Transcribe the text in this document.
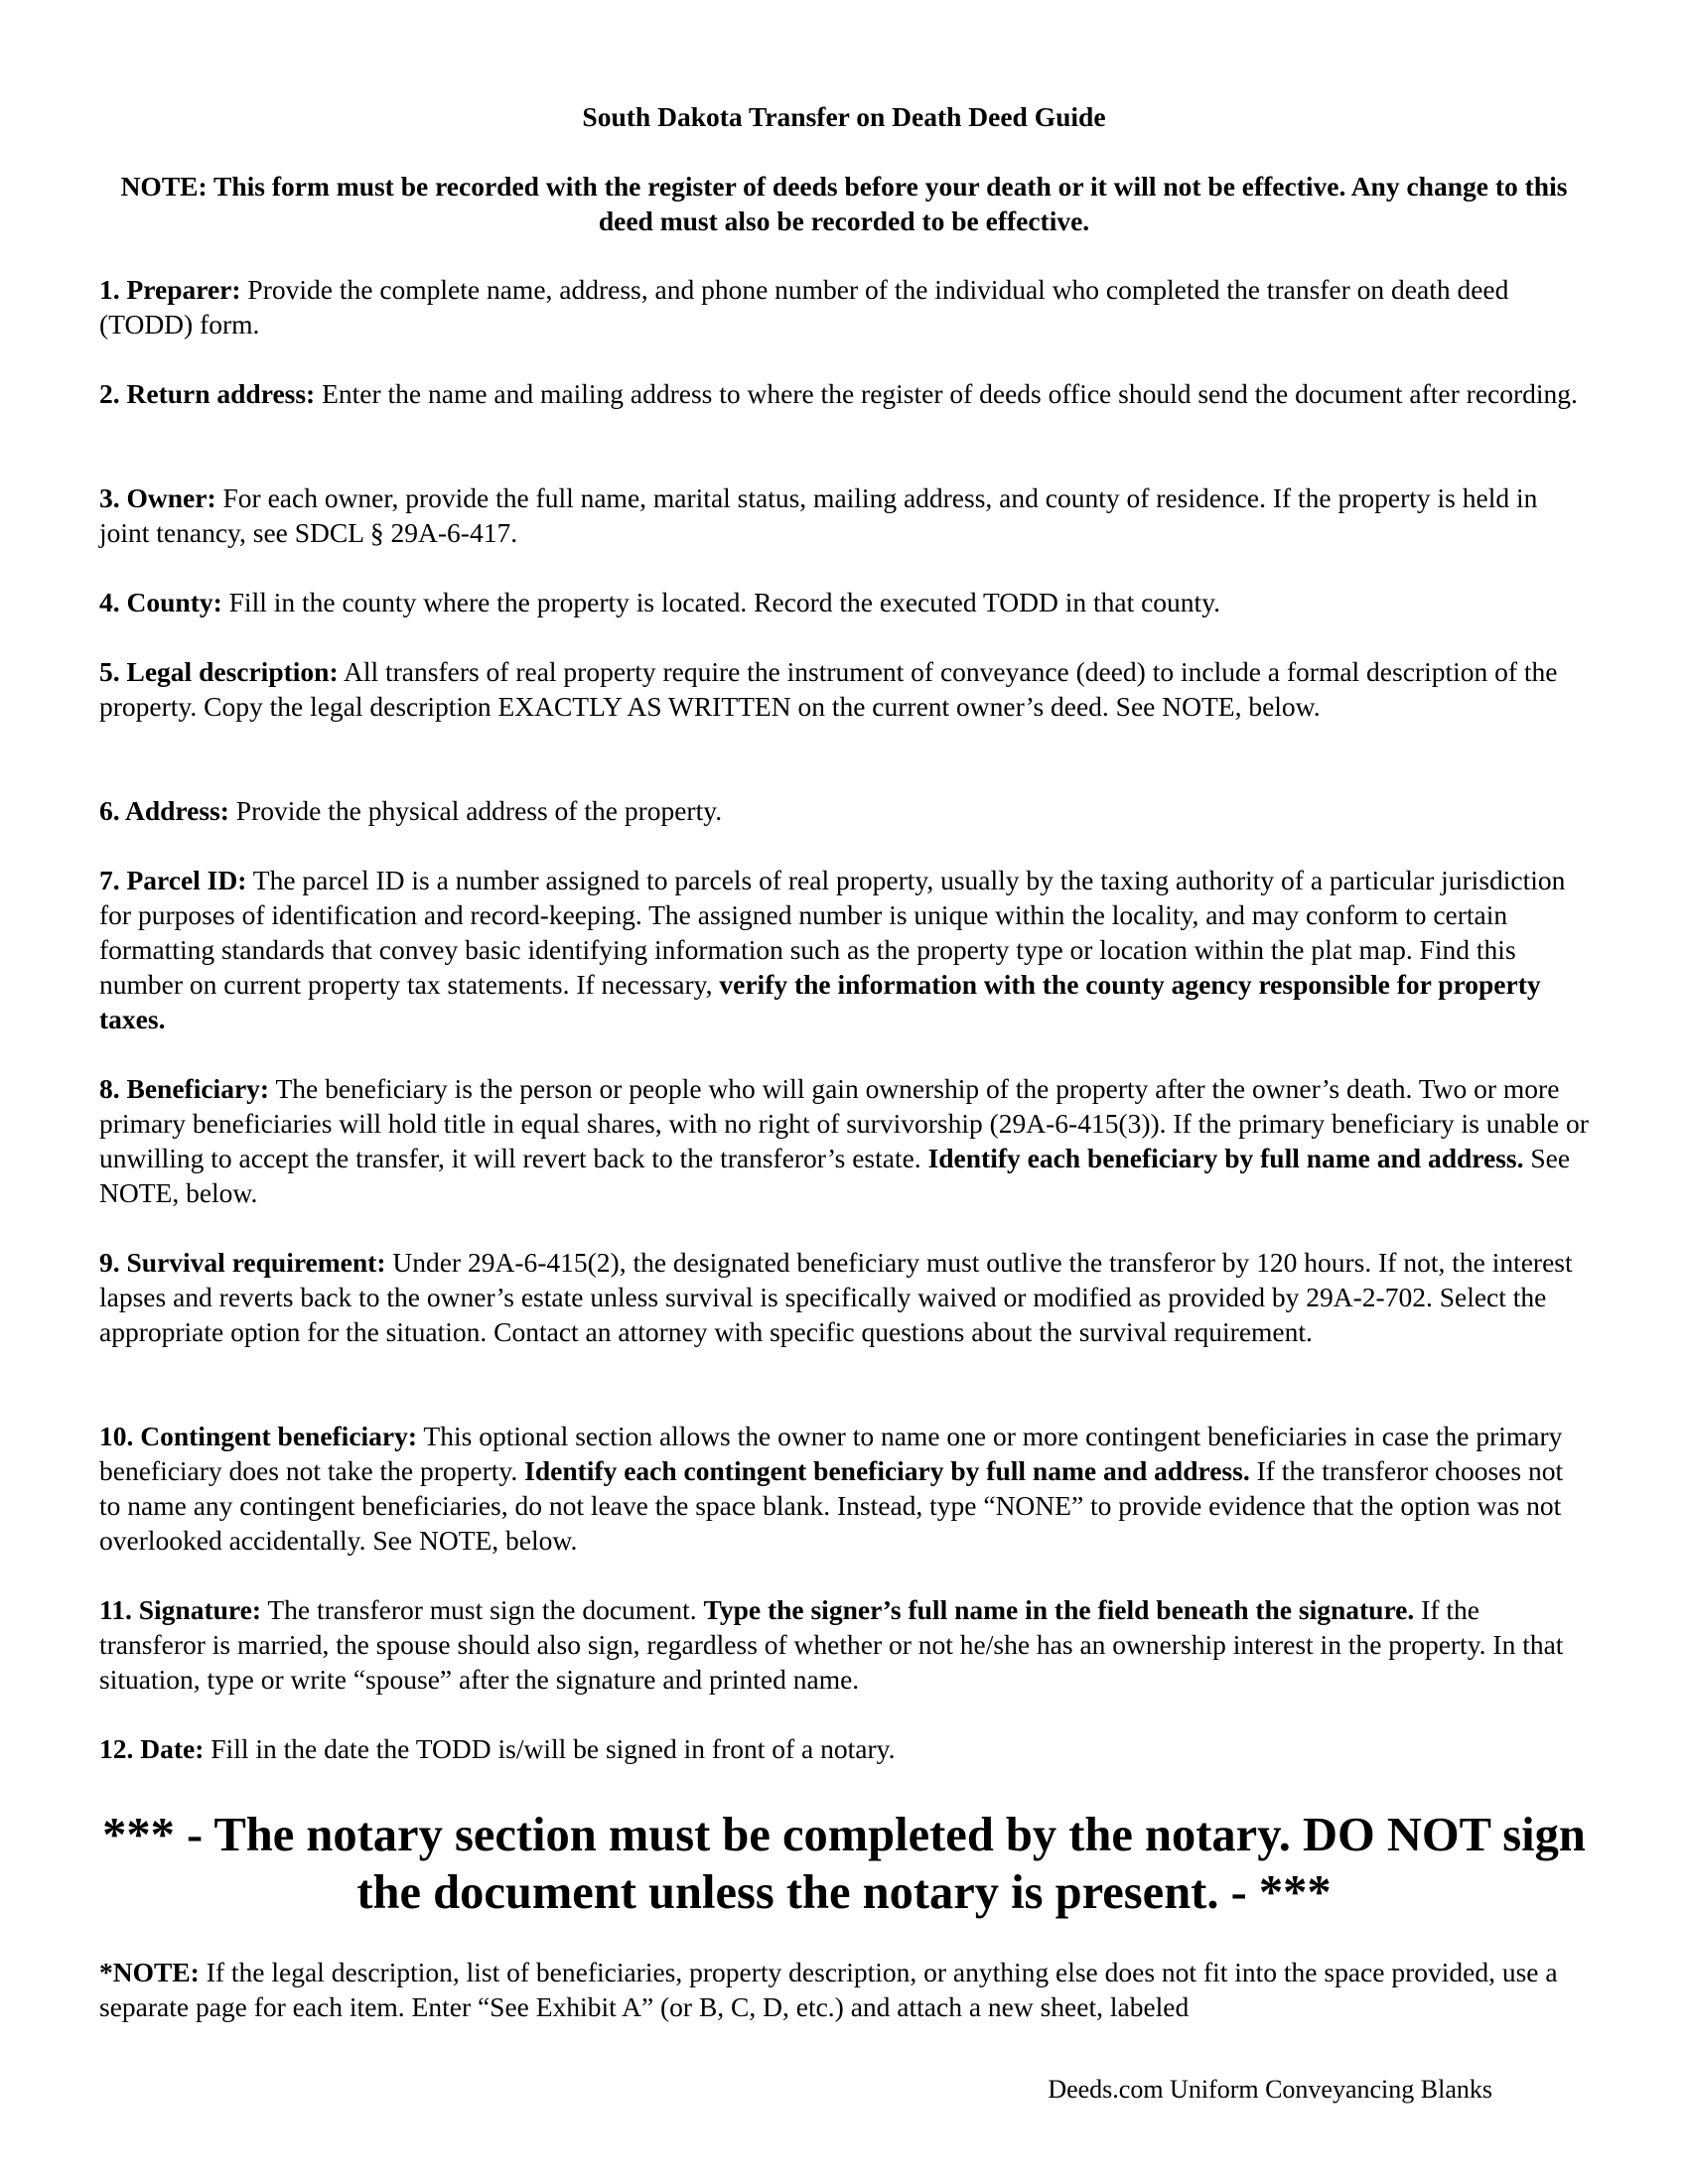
South Dakota Transfer on Death Deed Guide
NOTE: This form must be recorded with the register of deeds before your death or it will not be effective. Any change to this deed must also be recorded to be effective.
1. Preparer: Provide the complete name, address, and phone number of the individual who completed the transfer on death deed (TODD) form.
2. Return address: Enter the name and mailing address to where the register of deeds office should send the document after recording.
3. Owner: For each owner, provide the full name, marital status, mailing address, and county of residence. If the property is held in joint tenancy, see SDCL § 29A-6-417.
4. County: Fill in the county where the property is located. Record the executed TODD in that county.
5. Legal description: All transfers of real property require the instrument of conveyance (deed) to include a formal description of the property. Copy the legal description EXACTLY AS WRITTEN on the current owner’s deed. See NOTE, below.
6. Address: Provide the physical address of the property.
7. Parcel ID: The parcel ID is a number assigned to parcels of real property, usually by the taxing authority of a particular jurisdiction for purposes of identification and record-keeping. The assigned number is unique within the locality, and may conform to certain formatting standards that convey basic identifying information such as the property type or location within the plat map. Find this number on current property tax statements. If necessary, verify the information with the county agency responsible for property taxes.
8. Beneficiary: The beneficiary is the person or people who will gain ownership of the property after the owner’s death. Two or more primary beneficiaries will hold title in equal shares, with no right of survivorship (29A-6-415(3)). If the primary beneficiary is unable or unwilling to accept the transfer, it will revert back to the transferor’s estate. Identify each beneficiary by full name and address. See NOTE, below.
9. Survival requirement: Under 29A-6-415(2), the designated beneficiary must outlive the transferor by 120 hours. If not, the interest lapses and reverts back to the owner’s estate unless survival is specifically waived or modified as provided by 29A-2-702. Select the appropriate option for the situation. Contact an attorney with specific questions about the survival requirement.
10. Contingent beneficiary: This optional section allows the owner to name one or more contingent beneficiaries in case the primary beneficiary does not take the property. Identify each contingent beneficiary by full name and address. If the transferor chooses not to name any contingent beneficiaries, do not leave the space blank. Instead, type “NONE” to provide evidence that the option was not overlooked accidentally. See NOTE, below.
11. Signature: The transferor must sign the document. Type the signer’s full name in the field beneath the signature. If the transferor is married, the spouse should also sign, regardless of whether or not he/she has an ownership interest in the property. In that situation, type or write “spouse” after the signature and printed name.
12. Date: Fill in the date the TODD is/will be signed in front of a notary.
*** - The notary section must be completed by the notary. DO NOT sign the document unless the notary is present. - ***
*NOTE: If the legal description, list of beneficiaries, property description, or anything else does not fit into the space provided, use a separate page for each item. Enter “See Exhibit A” (or B, C, D, etc.) and attach a new sheet, labeled
Deeds.com Uniform Conveyancing Blanks
